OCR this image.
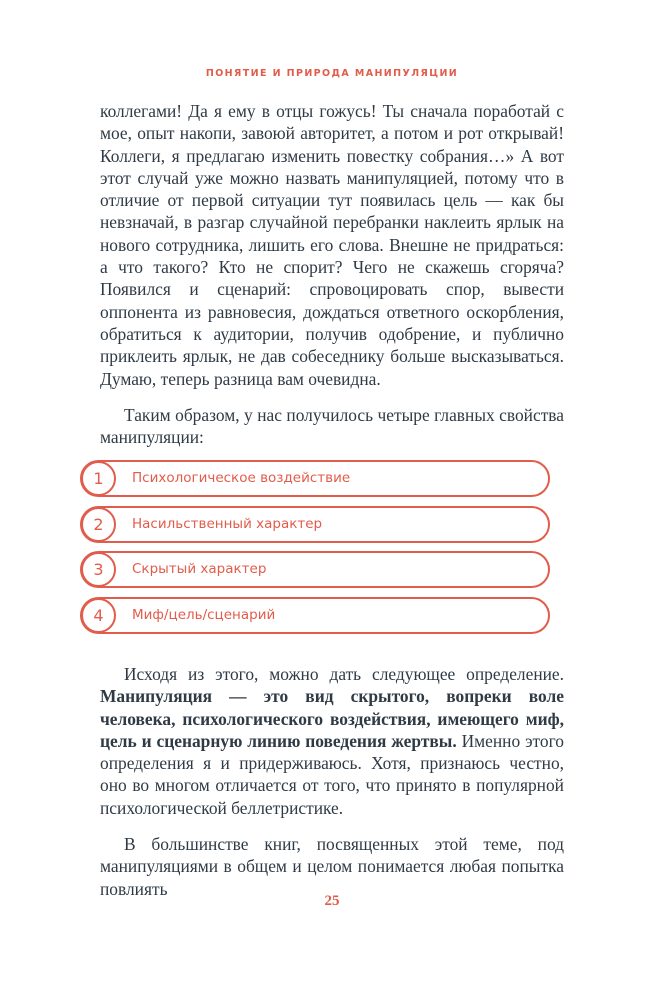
ПОНЯТИЕ И ПРИРОДА МАНИПУЛЯЦИИ

коллегами! Да я ему в отцы гожусь! Ты сначала поработай с мое, опыт накопи, завоюй авторитет, а потом и рот открывай! Коллеги, я предлагаю изменить повестку собрания…» А вот этот случай уже можно назвать манипуляцией, потому что в отличие от первой ситуации тут появилась цель — как бы невзначай, в разгар случайной перебранки наклеить ярлык на нового сотрудника, лишить его слова. Внешне не придраться: а что такого? Кто не спорит? Чего не скажешь сгоряча? Появился и сценарий: спровоцировать спор, вывести оппонента из равновесия, дождаться ответного оскорбления, обратиться к аудитории, получив одобрение, и публично приклеить ярлык, не дав собеседнику больше высказываться. Думаю, теперь разница вам очевидна.

Таким образом, у нас получилось четыре главных свойства манипуляции:

1	Психологическое воздействие
2	Насильственный характер
3	Скрытый характер
4	Миф/цель/сценарий

Исходя из этого, можно дать следующее определение. Манипуляция — это вид скрытого, вопреки воле человека, психологического воздействия, имеющего миф, цель и сценарную линию поведения жертвы. Именно этого определения я и придерживаюсь. Хотя, признаюсь честно, оно во многом отличается от того, что принято в популярной психологической беллетристике.

В большинстве книг, посвященных этой теме, под манипуляциями в общем и целом понимается любая попытка повлиять

25
